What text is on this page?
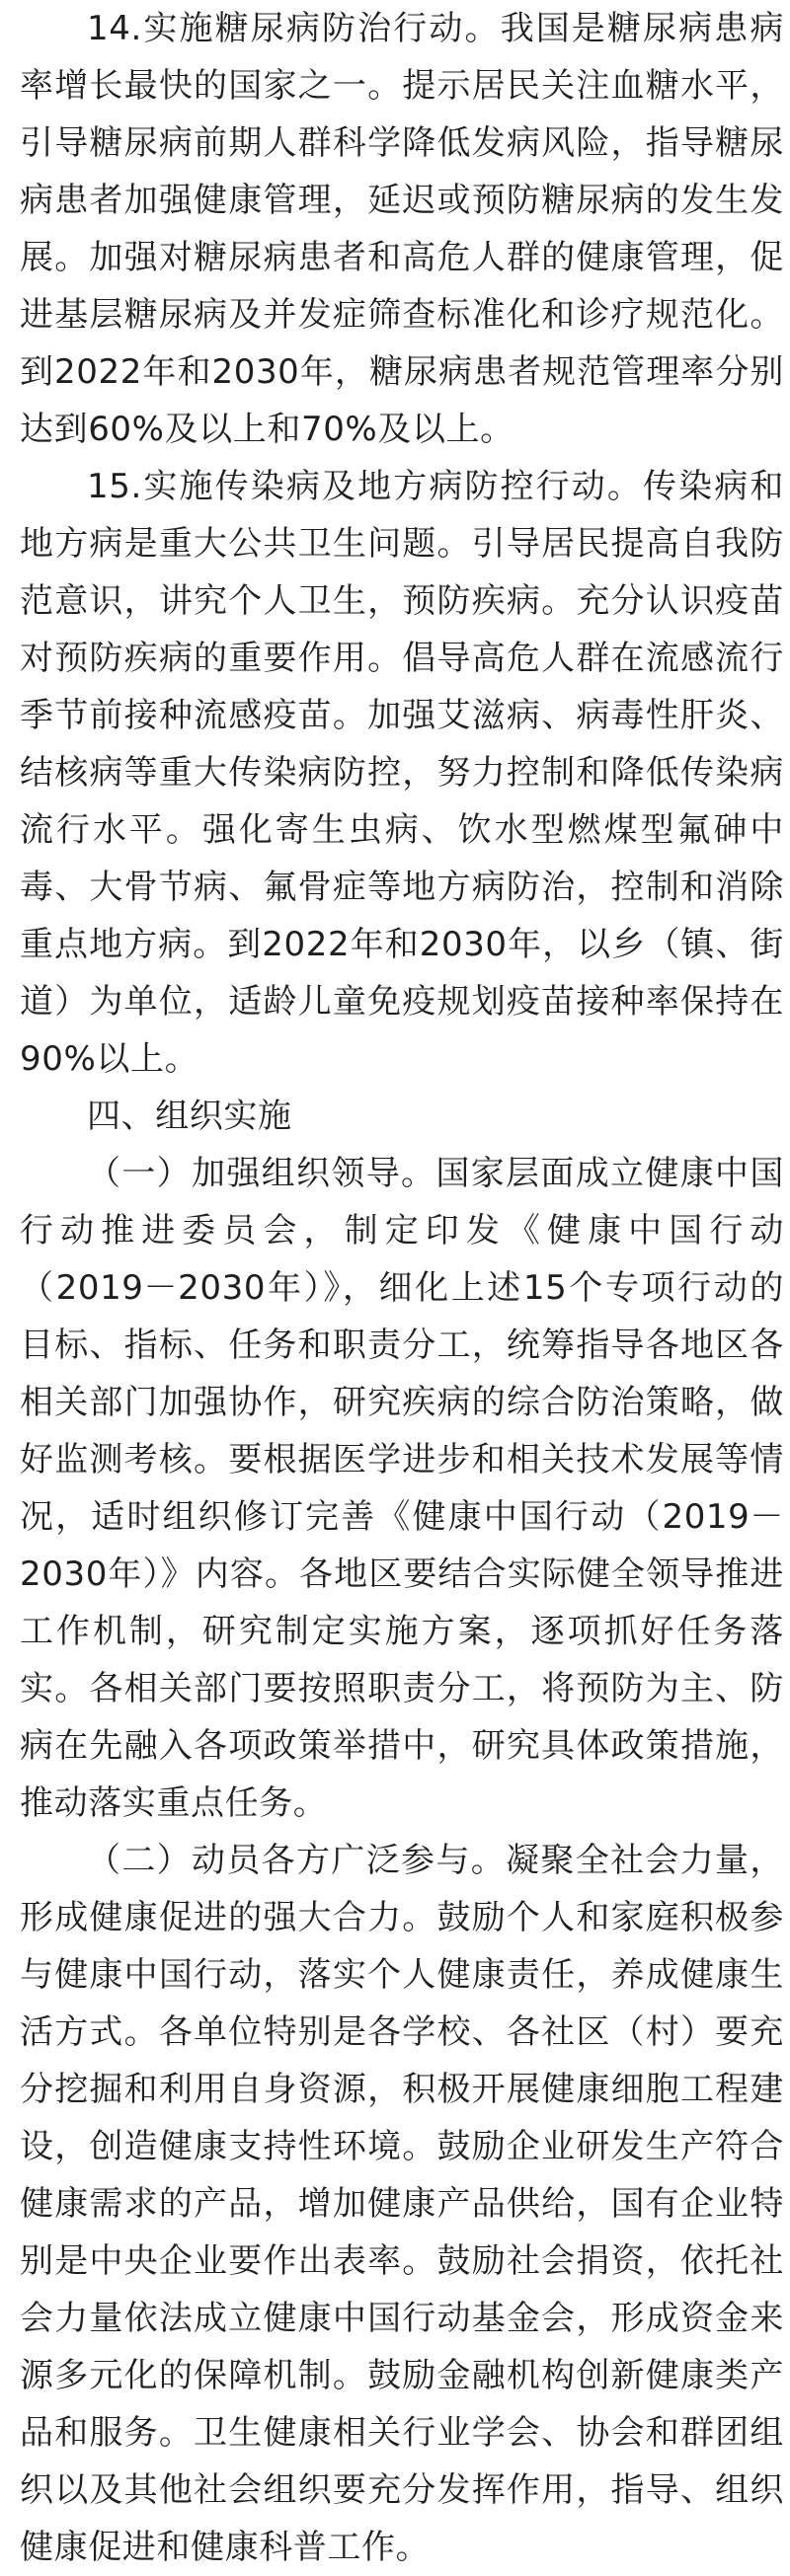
14.实施糖尿病防治行动。我国是糖尿病患病率增长最快的国家之一。提示居民关注血糖水平，引导糖尿病前期人群科学降低发病风险，指导糖尿病患者加强健康管理，延迟或预防糖尿病的发生发展。加强对糖尿病患者和高危人群的健康管理，促进基层糖尿病及并发症筛查标准化和诊疗规范化。到2022年和2030年，糖尿病患者规范管理率分别达到60%及以上和70%及以上。

15.实施传染病及地方病防控行动。传染病和地方病是重大公共卫生问题。引导居民提高自我防范意识，讲究个人卫生，预防疾病。充分认识疫苗对预防疾病的重要作用。倡导高危人群在流感流行季节前接种流感疫苗。加强艾滋病、病毒性肝炎、结核病等重大传染病防控，努力控制和降低传染病流行水平。强化寄生虫病、饮水型燃煤型氟砷中毒、大骨节病、氟骨症等地方病防治，控制和消除重点地方病。到2022年和2030年，以乡（镇、街道）为单位，适龄儿童免疫规划疫苗接种率保持在90%以上。

四、组织实施

（一）加强组织领导。国家层面成立健康中国行动推进委员会，制定印发《健康中国行动（2019－2030年）》，细化上述15个专项行动的目标、指标、任务和职责分工，统筹指导各地区各相关部门加强协作，研究疾病的综合防治策略，做好监测考核。要根据医学进步和相关技术发展等情况，适时组织修订完善《健康中国行动（2019－2030年）》内容。各地区要结合实际健全领导推进工作机制，研究制定实施方案，逐项抓好任务落实。各相关部门要按照职责分工，将预防为主、防病在先融入各项政策举措中，研究具体政策措施，推动落实重点任务。

（二）动员各方广泛参与。凝聚全社会力量，形成健康促进的强大合力。鼓励个人和家庭积极参与健康中国行动，落实个人健康责任，养成健康生活方式。各单位特别是各学校、各社区（村）要充分挖掘和利用自身资源，积极开展健康细胞工程建设，创造健康支持性环境。鼓励企业研发生产符合健康需求的产品，增加健康产品供给，国有企业特别是中央企业要作出表率。鼓励社会捐资，依托社会力量依法成立健康中国行动基金会，形成资金来源多元化的保障机制。鼓励金融机构创新健康类产品和服务。卫生健康相关行业学会、协会和群团组织以及其他社会组织要充分发挥作用，指导、组织健康促进和健康科普工作。
